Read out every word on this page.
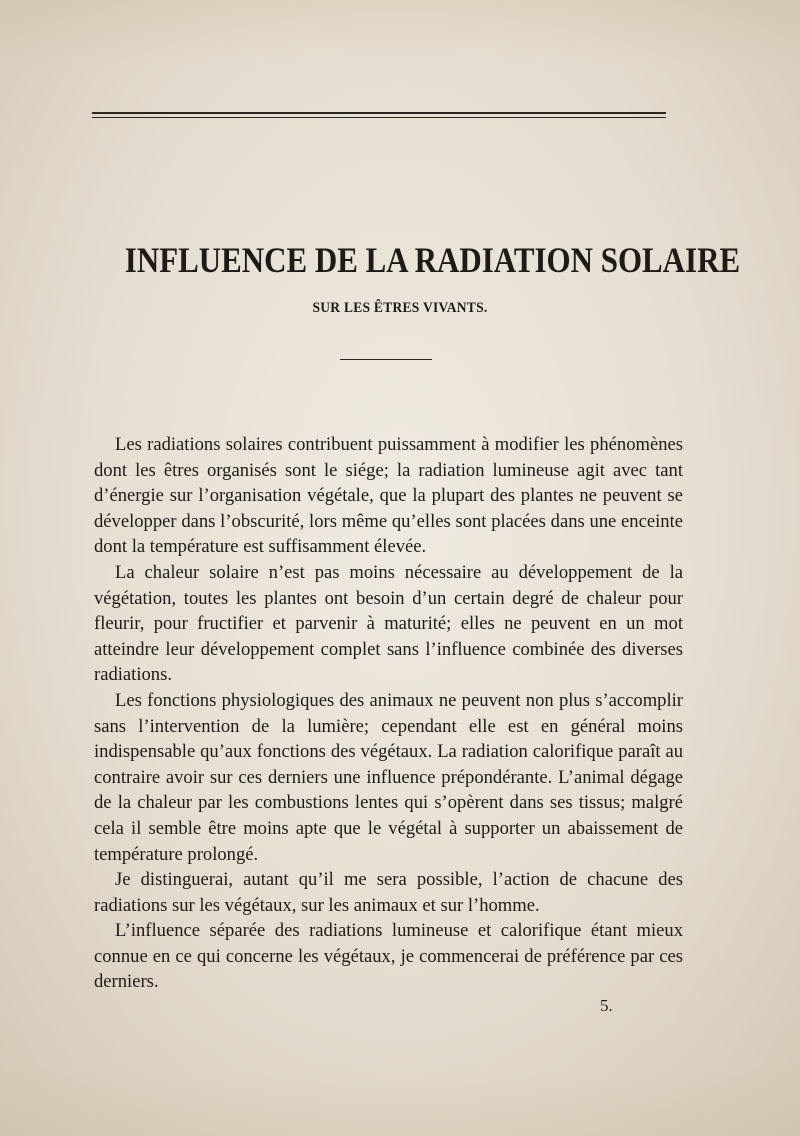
INFLUENCE DE LA RADIATION SOLAIRE
SUR LES ÊTRES VIVANTS.

Les radiations solaires contribuent puissamment à modifier les phénomènes dont les êtres organisés sont le siége; la radiation lumineuse agit avec tant d’énergie sur l’organisation végétale, que la plupart des plantes ne peuvent se développer dans l’obscurité, lors même qu’elles sont placées dans une enceinte dont la température est suffisamment élevée.

La chaleur solaire n’est pas moins nécessaire au développement de la végétation, toutes les plantes ont besoin d’un certain degré de chaleur pour fleurir, pour fructifier et parvenir à maturité; elles ne peuvent en un mot atteindre leur développement complet sans l’influence combinée des diverses radiations.

Les fonctions physiologiques des animaux ne peuvent non plus s’accomplir sans l’intervention de la lumière; cependant elle est en général moins indispensable qu’aux fonctions des végétaux. La radiation calorifique paraît au contraire avoir sur ces derniers une influence prépondérante. L’animal dégage de la chaleur par les combustions lentes qui s’opèrent dans ses tissus; malgré cela il semble être moins apte que le végétal à supporter un abaissement de température prolongé.

Je distinguerai, autant qu’il me sera possible, l’action de chacune des radiations sur les végétaux, sur les animaux et sur l’homme.

L’influence séparée des radiations lumineuse et calorifique étant mieux connue en ce qui concerne les végétaux, je commencerai de préférence par ces derniers.

5.
